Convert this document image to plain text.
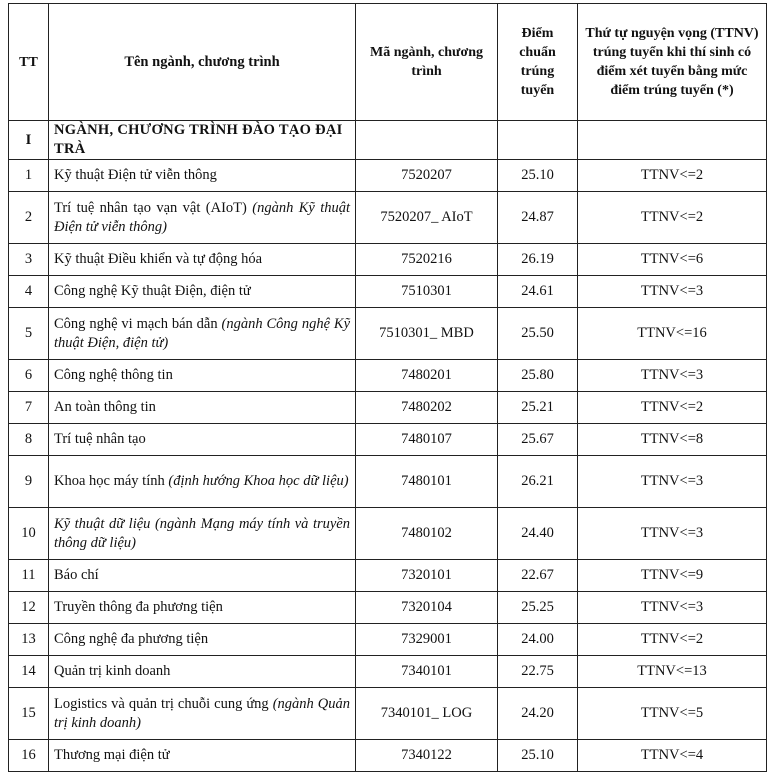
TT	Tên ngành, chương trình	Mã ngành, chương trình	Điểm chuẩn trúng tuyển	Thứ tự nguyện vọng (TTNV) trúng tuyển khi thí sinh có điểm xét tuyển bằng mức điểm trúng tuyển (*)
I	NGÀNH, CHƯƠNG TRÌNH ĐÀO TẠO ĐẠI TRÀ			
1	Kỹ thuật Điện tử viễn thông	7520207	25.10	TTNV<=2
2	Trí tuệ nhân tạo vạn vật (AIoT) (ngành Kỹ thuật Điện tử viễn thông)	7520207_ AIoT	24.87	TTNV<=2
3	Kỹ thuật Điều khiển và tự động hóa	7520216	26.19	TTNV<=6
4	Công nghệ Kỹ thuật Điện, điện tử	7510301	24.61	TTNV<=3
5	Công nghệ vi mạch bán dẫn (ngành Công nghệ Kỹ thuật Điện, điện tử)	7510301_ MBD	25.50	TTNV<=16
6	Công nghệ thông tin	7480201	25.80	TTNV<=3
7	An toàn thông tin	7480202	25.21	TTNV<=2
8	Trí tuệ nhân tạo	7480107	25.67	TTNV<=8
9	Khoa học máy tính (định hướng Khoa học dữ liệu)	7480101	26.21	TTNV<=3
10	Kỹ thuật dữ liệu (ngành Mạng máy tính và truyền thông dữ liệu)	7480102	24.40	TTNV<=3
11	Báo chí	7320101	22.67	TTNV<=9
12	Truyền thông đa phương tiện	7320104	25.25	TTNV<=3
13	Công nghệ đa phương tiện	7329001	24.00	TTNV<=2
14	Quản trị kinh doanh	7340101	22.75	TTNV<=13
15	Logistics và quản trị chuỗi cung ứng (ngành Quản trị kinh doanh)	7340101_ LOG	24.20	TTNV<=5
16	Thương mại điện tử	7340122	25.10	TTNV<=4
